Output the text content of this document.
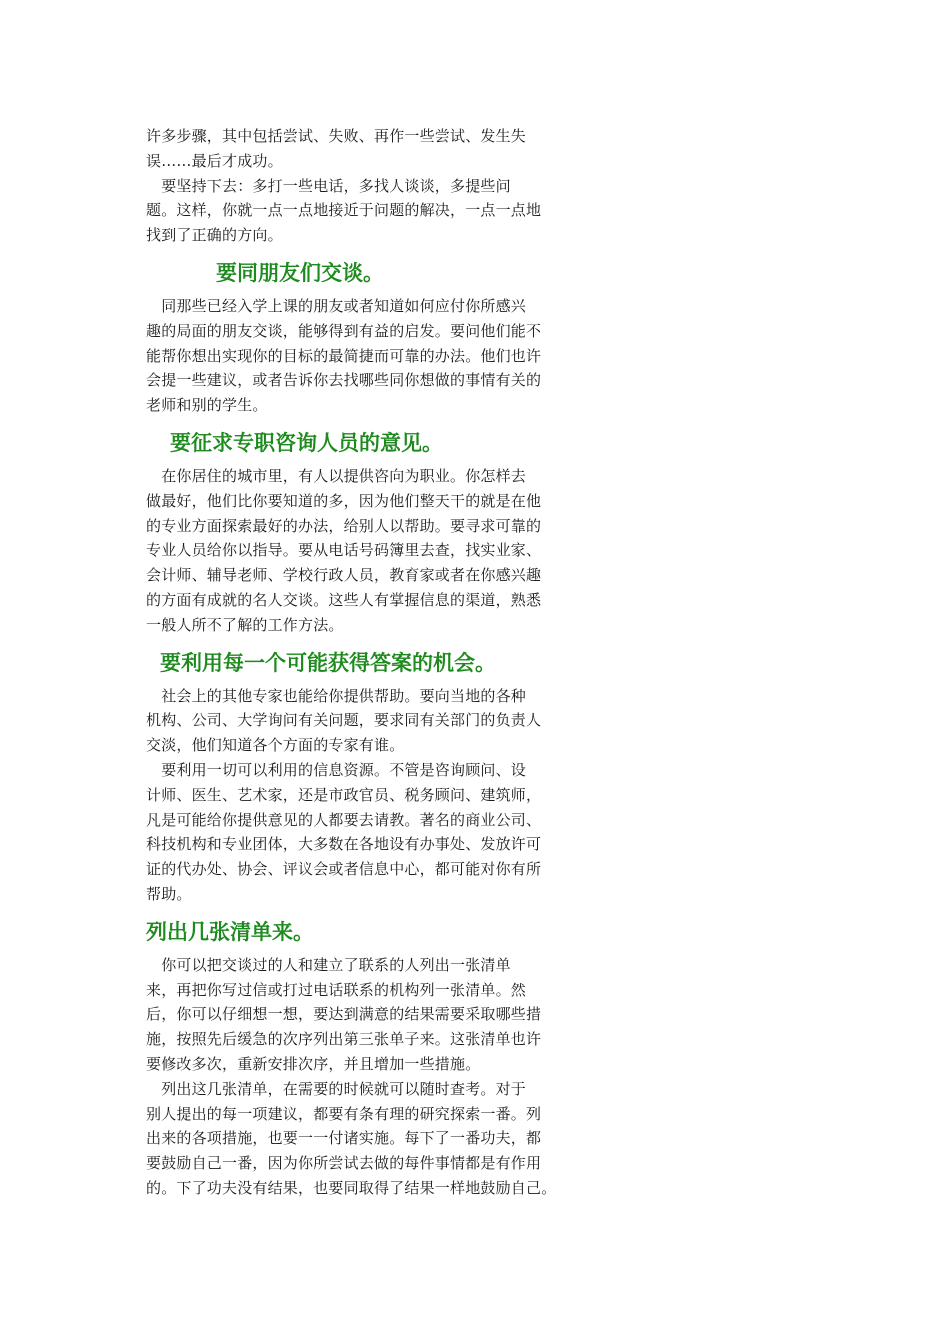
许多步骤，其中包括尝试、失败、再作一些尝试、发生失
误……最后才成功。
　要坚持下去：多打一些电话，多找人谈谈，多提些问
题。这样，你就一点一点地接近于问题的解决，一点一点地
找到了正确的方向。
要同朋友们交谈。
　同那些已经入学上课的朋友或者知道如何应付你所感兴
趣的局面的朋友交谈，能够得到有益的启发。要问他们能不
能帮你想出实现你的目标的最简捷而可靠的办法。他们也许
会提一些建议，或者告诉你去找哪些同你想做的事情有关的
老师和别的学生。
要征求专职咨询人员的意见。
　在你居住的城市里，有人以提供咨向为职业。你怎样去
做最好，他们比你要知道的多，因为他们整天干的就是在他
的专业方面探索最好的办法，给别人以帮助。要寻求可靠的
专业人员给你以指导。要从电话号码簿里去查，找实业家、
会计师、辅导老师、学校行政人员，教育家或者在你感兴趣
的方面有成就的名人交谈。这些人有掌握信息的渠道，熟悉
一般人所不了解的工作方法。
要利用每一个可能获得答案的机会。
　社会上的其他专家也能给你提供帮助。要向当地的各种
机构、公司、大学询问有关问题，要求同有关部门的负责人
交淡，他们知道各个方面的专家有谁。
　要利用一切可以利用的信息资源。不管是咨询顾问、设
计师、医生、艺术家，还是市政官员、税务顾问、建筑师，
凡是可能给你提供意见的人都要去请教。著名的商业公司、
科技机构和专业团体，大多数在各地设有办事处、发放许可
证的代办处、协会、评议会或者信息中心，都可能对你有所
帮助。
列出几张清单来。
　你可以把交谈过的人和建立了联系的人列出一张清单
来，再把你写过信或打过电话联系的机构列一张清单。然
后，你可以仔细想一想，要达到满意的结果需要采取哪些措
施，按照先后缓急的次序列出第三张单子来。这张清单也许
要修改多次，重新安排次序，并且增加一些措施。
　列出这几张清单，在需要的时候就可以随时查考。对于
别人提出的每一项建议，都要有条有理的研究探索一番。列
出来的各项措施，也要一一付诸实施。每下了一番功夫，都
要鼓励自己一番，因为你所尝试去做的每件事情都是有作用
的。下了功夫没有结果，也要同取得了结果一样地鼓励自己。
